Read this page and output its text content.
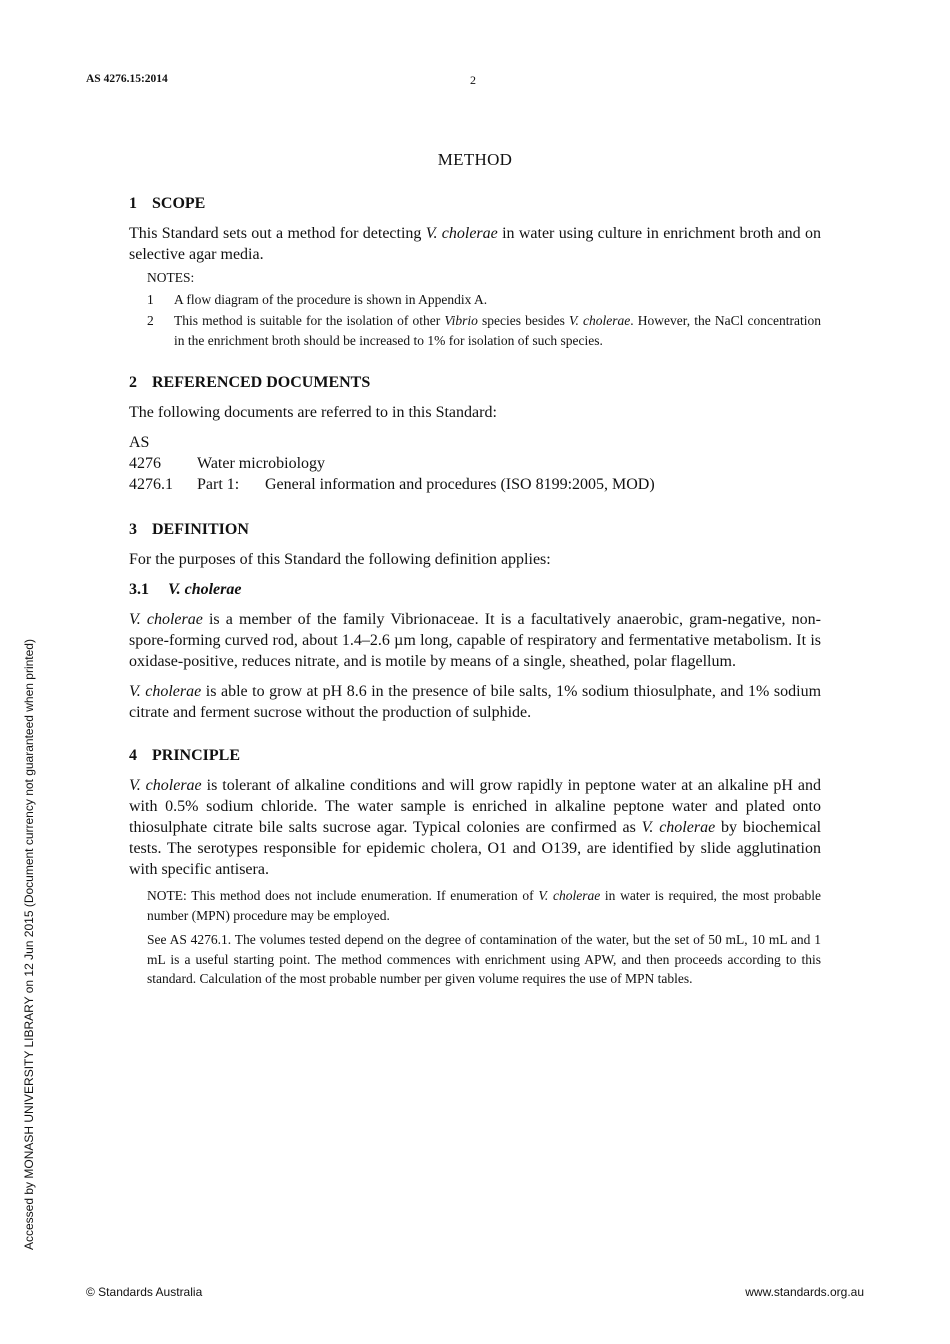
AS 4276.15:2014	2
METHOD
1 SCOPE

This Standard sets out a method for detecting V. cholerae in water using culture in enrichment broth and on selective agar media.

NOTES:
1	A flow diagram of the procedure is shown in Appendix A.
2	This method is suitable for the isolation of other Vibrio species besides V. cholerae. However, the NaCl concentration in the enrichment broth should be increased to 1% for isolation of such species.
2 REFERENCED DOCUMENTS

The following documents are referred to in this Standard:

AS
4276	Water microbiology
4276.1	Part 1:	General information and procedures (ISO 8199:2005, MOD)
3 DEFINITION

For the purposes of this Standard the following definition applies:

3.1 V. cholerae

V. cholerae is a member of the family Vibrionaceae. It is a facultatively anaerobic, gram-negative, non-spore-forming curved rod, about 1.4–2.6 µm long, capable of respiratory and fermentative metabolism. It is oxidase-positive, reduces nitrate, and is motile by means of a single, sheathed, polar flagellum.

V. cholerae is able to grow at pH 8.6 in the presence of bile salts, 1% sodium thiosulphate, and 1% sodium citrate and ferment sucrose without the production of sulphide.

4 PRINCIPLE

V. cholerae is tolerant of alkaline conditions and will grow rapidly in peptone water at an alkaline pH and with 0.5% sodium chloride. The water sample is enriched in alkaline peptone water and plated onto thiosulphate citrate bile salts sucrose agar. Typical colonies are confirmed as V. cholerae by biochemical tests. The serotypes responsible for epidemic cholera, O1 and O139, are identified by slide agglutination with specific antisera.

NOTE: This method does not include enumeration. If enumeration of V. cholerae in water is required, the most probable number (MPN) procedure may be employed.
See AS 4276.1. The volumes tested depend on the degree of contamination of the water, but the set of 50 mL, 10 mL and 1 mL is a useful starting point. The method commences with enrichment using APW, and then proceeds according to this standard. Calculation of the most probable number per given volume requires the use of MPN tables.
Accessed by MONASH UNIVERSITY LIBRARY on 12 Jun 2015 (Document currency not guaranteed when printed)
© Standards Australia	www.standards.org.au
